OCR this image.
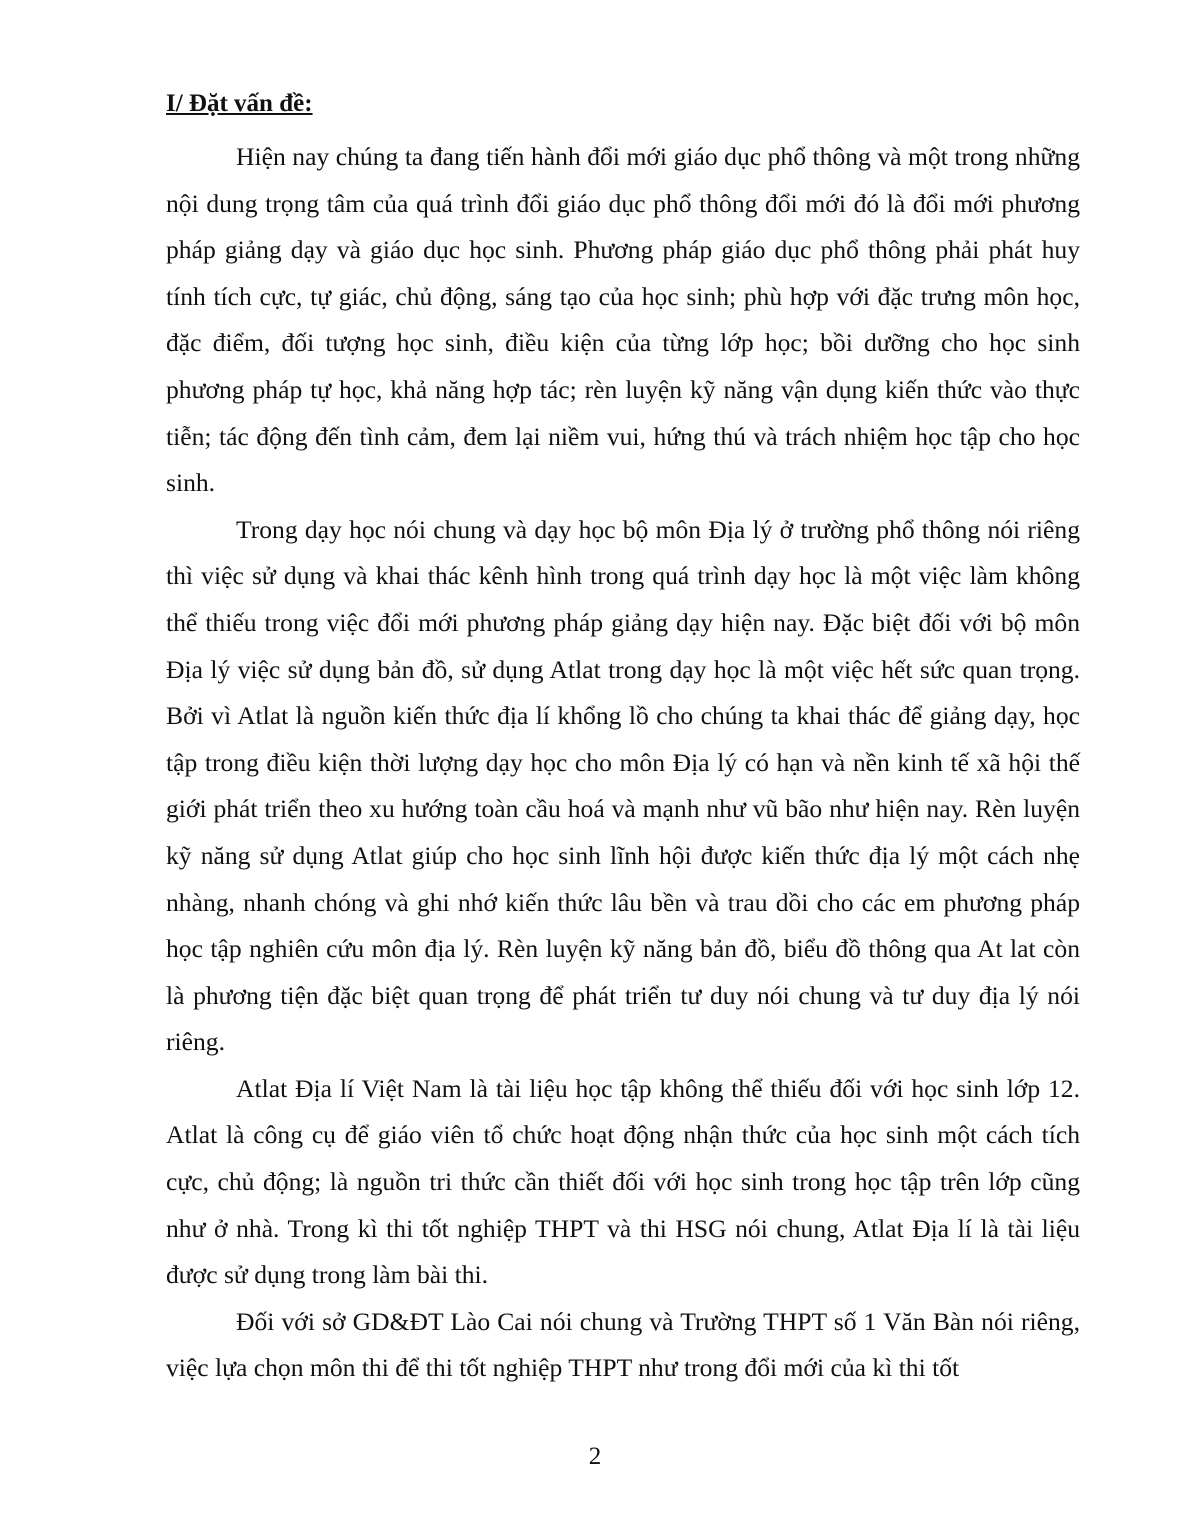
I/ Đặt vấn đề:

Hiện nay chúng ta đang tiến hành đổi mới giáo dục phổ thông và một trong những nội dung trọng tâm của quá trình đổi giáo dục phổ thông đổi mới đó là đổi mới phương pháp giảng dạy và giáo dục học sinh. Phương pháp giáo dục phổ thông phải phát huy tính tích cực, tự giác, chủ động, sáng tạo của học sinh; phù hợp với đặc trưng môn học, đặc điểm, đối tượng học sinh, điều kiện của từng lớp học; bồi dưỡng cho học sinh phương pháp tự học, khả năng hợp tác; rèn luyện kỹ năng vận dụng kiến thức vào thực tiễn; tác động đến tình cảm, đem lại niềm vui, hứng thú và trách nhiệm học tập cho học sinh.

Trong dạy học nói chung và dạy học bộ môn Địa lý ở trường phổ thông nói riêng thì việc sử dụng và khai thác kênh hình trong quá trình dạy học là một việc làm không thể thiếu trong việc đổi mới phương pháp giảng dạy hiện nay. Đặc biệt đối với bộ môn Địa lý việc sử dụng bản đồ, sử dụng Atlat trong dạy học là một việc hết sức quan trọng. Bởi vì Atlat là nguồn kiến thức địa lí khổng lồ cho chúng ta khai thác để giảng dạy, học tập trong điều kiện thời lượng dạy học cho môn Địa lý có hạn và nền kinh tế xã hội thế giới phát triển theo xu hướng toàn cầu hoá và mạnh như vũ bão như hiện nay. Rèn luyện kỹ năng sử dụng Atlat giúp cho học sinh lĩnh hội được kiến thức địa lý một cách nhẹ nhàng, nhanh chóng và ghi nhớ kiến thức lâu bền và trau dồi cho các em phương pháp học tập nghiên cứu môn địa lý. Rèn luyện kỹ năng bản đồ, biểu đồ thông qua At lat còn là phương tiện đặc biệt quan trọng để phát triển tư duy nói chung và tư duy địa lý nói riêng.

Atlat Địa lí Việt Nam là tài liệu học tập không thể thiếu đối với học sinh lớp 12. Atlat là công cụ để giáo viên tổ chức hoạt động nhận thức của học sinh một cách tích cực, chủ động; là nguồn tri thức cần thiết đối với học sinh trong học tập trên lớp cũng như ở nhà. Trong kì thi tốt nghiệp THPT và thi HSG nói chung, Atlat Địa lí là tài liệu được sử dụng trong làm bài thi.

Đối với sở GD&ĐT Lào Cai nói chung và Trường THPT số 1 Văn Bàn nói riêng, việc lựa chọn môn thi để thi tốt nghiệp THPT như trong đổi mới của kì thi tốt

2
